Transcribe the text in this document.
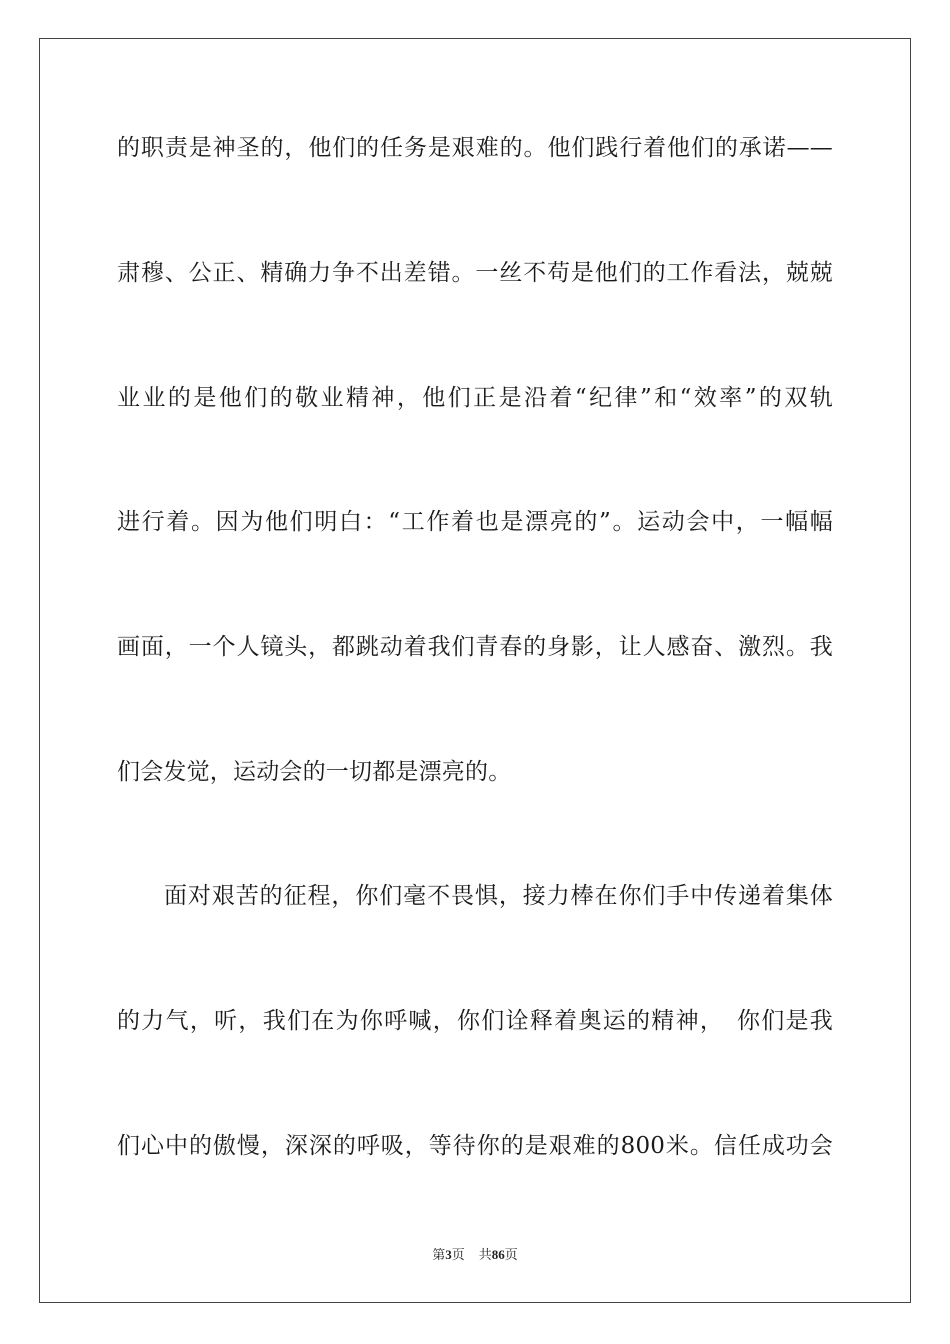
的职责是神圣的，他们的任务是艰难的。他们践行着他们的承诺——
肃穆、公正、精确力争不出差错。一丝不苟是他们的工作看法，兢兢
业业的是他们的敬业精神，他们正是沿着“纪律”和“效率”的双轨
进行着。因为他们明白：“工作着也是漂亮的”。运动会中，一幅幅
画面，一个人镜头，都跳动着我们青春的身影，让人感奋、激烈。我
们会发觉，运动会的一切都是漂亮的。
面对艰苦的征程，你们毫不畏惧，接力棒在你们手中传递着集体
的力气，听，我们在为你呼喊，你们诠释着奥运的精神，　你们是我
们心中的傲慢，深深的呼吸，等待你的是艰难的800米。信任成功会
第3页 共86页
